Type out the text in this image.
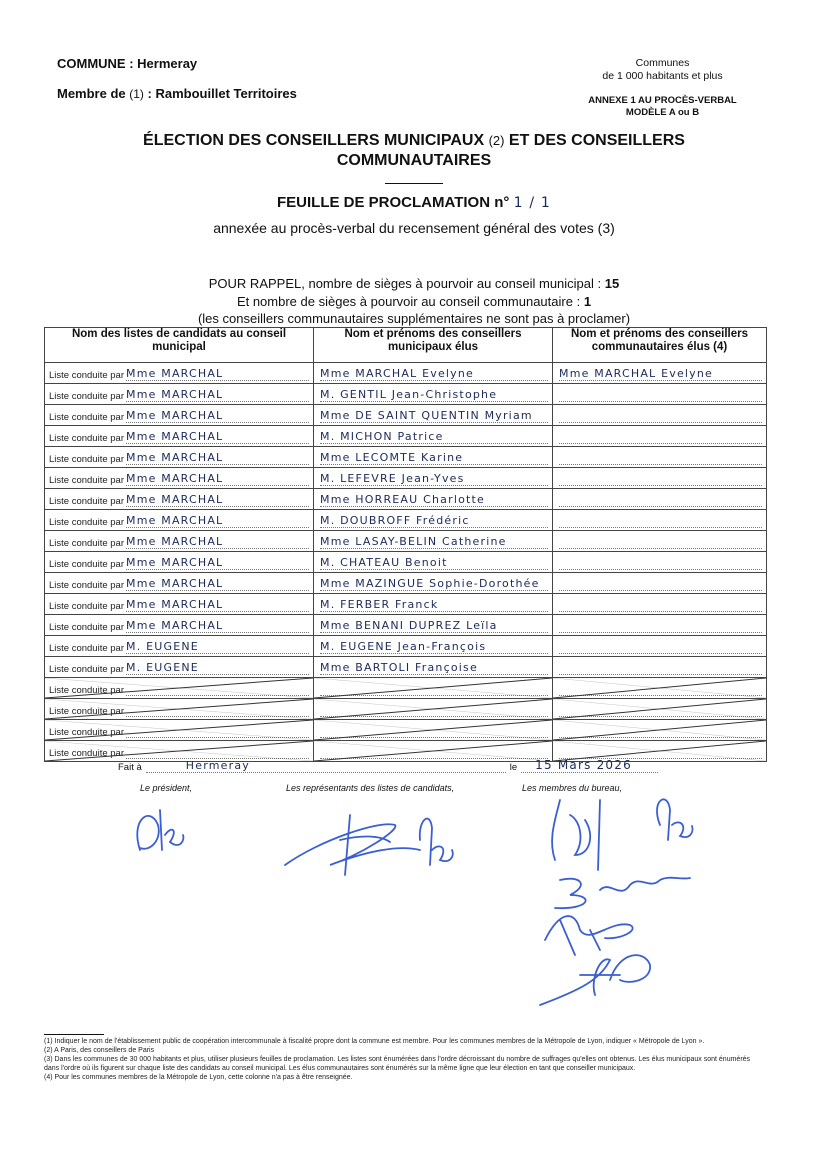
COMMUNE : Hermeray
Membre de (1) : Rambouillet Territoires
Communes
de 1 000 habitants et plus
ANNEXE 1 AU PROCÈS-VERBAL
MODÈLE A ou B
ÉLECTION DES CONSEILLERS MUNICIPAUX (2) ET DES CONSEILLERS
COMMUNAUTAIRES
FEUILLE DE PROCLAMATION n° 1 / 1
annexée au procès-verbal du recensement général des votes (3)
POUR RAPPEL, nombre de sièges à pourvoir au conseil municipal : 15
Et nombre de sièges à pourvoir au conseil communautaire : 1
(les conseillers communautaires supplémentaires ne sont pas à proclamer)
Nom des listes de candidats au conseil municipal	Nom et prénoms des conseillers municipaux élus	Nom et prénoms des conseillers communautaires élus (4)

Liste conduite par Mme MARCHAL	Mme MARCHAL Evelyne	Mme MARCHAL Evelyne

Liste conduite par Mme MARCHAL	M. GENTIL Jean-Christophe	

Liste conduite par Mme MARCHAL	Mme DE SAINT QUENTIN Myriam	

Liste conduite par Mme MARCHAL	M. MICHON Patrice	

Liste conduite par Mme MARCHAL	Mme LECOMTE Karine	

Liste conduite par Mme MARCHAL	M. LEFEVRE Jean-Yves	

Liste conduite par Mme MARCHAL	Mme HORREAU Charlotte	

Liste conduite par Mme MARCHAL	M. DOUBROFF Frédéric	

Liste conduite par Mme MARCHAL	Mme LASAY-BELIN Catherine	

Liste conduite par Mme MARCHAL	M. CHATEAU Benoit	

Liste conduite par Mme MARCHAL	Mme MAZINGUE Sophie-Dorothée	

Liste conduite par Mme MARCHAL	M. FERBER Franck	

Liste conduite par Mme MARCHAL	Mme BENANI DUPREZ Leïla	

Liste conduite par M. EUGENE	M. EUGENE Jean-François	

Liste conduite par M. EUGENE	Mme BARTOLI Françoise	

Liste conduite par

Liste conduite par

Liste conduite par

Liste conduite par

Fait à	Hermeray	le	15 Mars 2026
Le président,	Les représentants des listes de candidats,	Les membres du bureau,
(1) Indiquer le nom de l'établissement public de coopération intercommunale à fiscalité propre dont la commune est membre. Pour les communes membres de la Métropole de Lyon, indiquer « Métropole de Lyon ».
(2) A Paris, des conseillers de Paris
(3) Dans les communes de 30 000 habitants et plus, utiliser plusieurs feuilles de proclamation. Les listes sont énumérées dans l'ordre décroissant du nombre de suffrages qu'elles ont obtenus. Les élus municipaux sont énumérés dans l'ordre où ils figurent sur chaque liste des candidats au conseil municipal. Les élus communautaires sont énumérés sur la même ligne que leur élection en tant que conseiller municipaux.
(4) Pour les communes membres de la Métropole de Lyon, cette colonne n'a pas à être renseignée.
